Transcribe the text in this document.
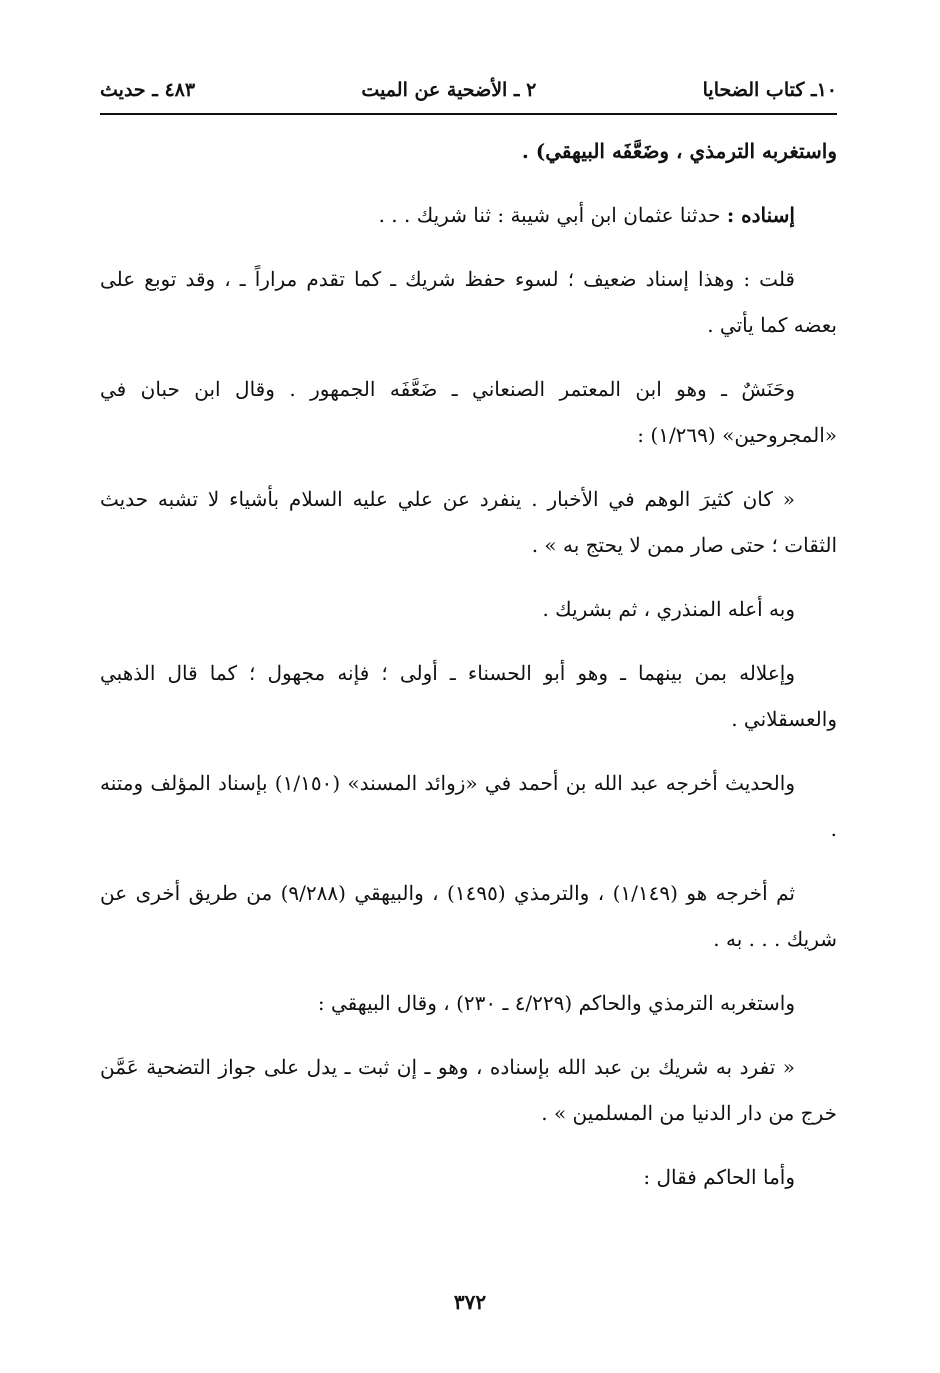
١٠ـ كتاب الضحايا
٢ ـ الأضحية عن الميت
٤٨٣ ـ حديث

واستغربه الترمذي ، وضَعَّفَه البيهقي) .

إسناده : حدثنا عثمان ابن أبي شيبة : ثنا شريك . . .

قلت : وهذا إسناد ضعيف ؛ لسوء حفظ شريك ـ كما تقدم مراراً ـ ، وقد توبع على بعضه كما يأتي .

وحَنَشٌ ـ وهو ابن المعتمر الصنعاني ـ ضَعَّفَه الجمهور . وقال ابن حبان في «المجروحين» (١/٢٦٩) :

« كان كثيرَ الوهم في الأخبار . ينفرد عن علي عليه السلام بأشياء لا تشبه حديث الثقات ؛ حتى صار ممن لا يحتج به » .

وبه أعله المنذري ، ثم بشريك .

وإعلاله بمن بينهما ـ وهو أبو الحسناء ـ أولى ؛ فإنه مجهول ؛ كما قال الذهبي والعسقلاني .

والحديث أخرجه عبد الله بن أحمد في «زوائد المسند» (١/١٥٠) بإسناد المؤلف ومتنه .

ثم أخرجه هو (١/١٤٩) ، والترمذي (١٤٩٥) ، والبيهقي (٩/٢٨٨) من طريق أخرى عن شريك . . . به .

واستغربه الترمذي والحاكم (٤/٢٢٩ ـ ٢٣٠) ، وقال البيهقي :

« تفرد به شريك بن عبد الله بإسناده ، وهو ـ إن ثبت ـ يدل على جواز التضحية عَمَّن خرج من دار الدنيا من المسلمين » .

وأما الحاكم فقال :

٣٧٢
